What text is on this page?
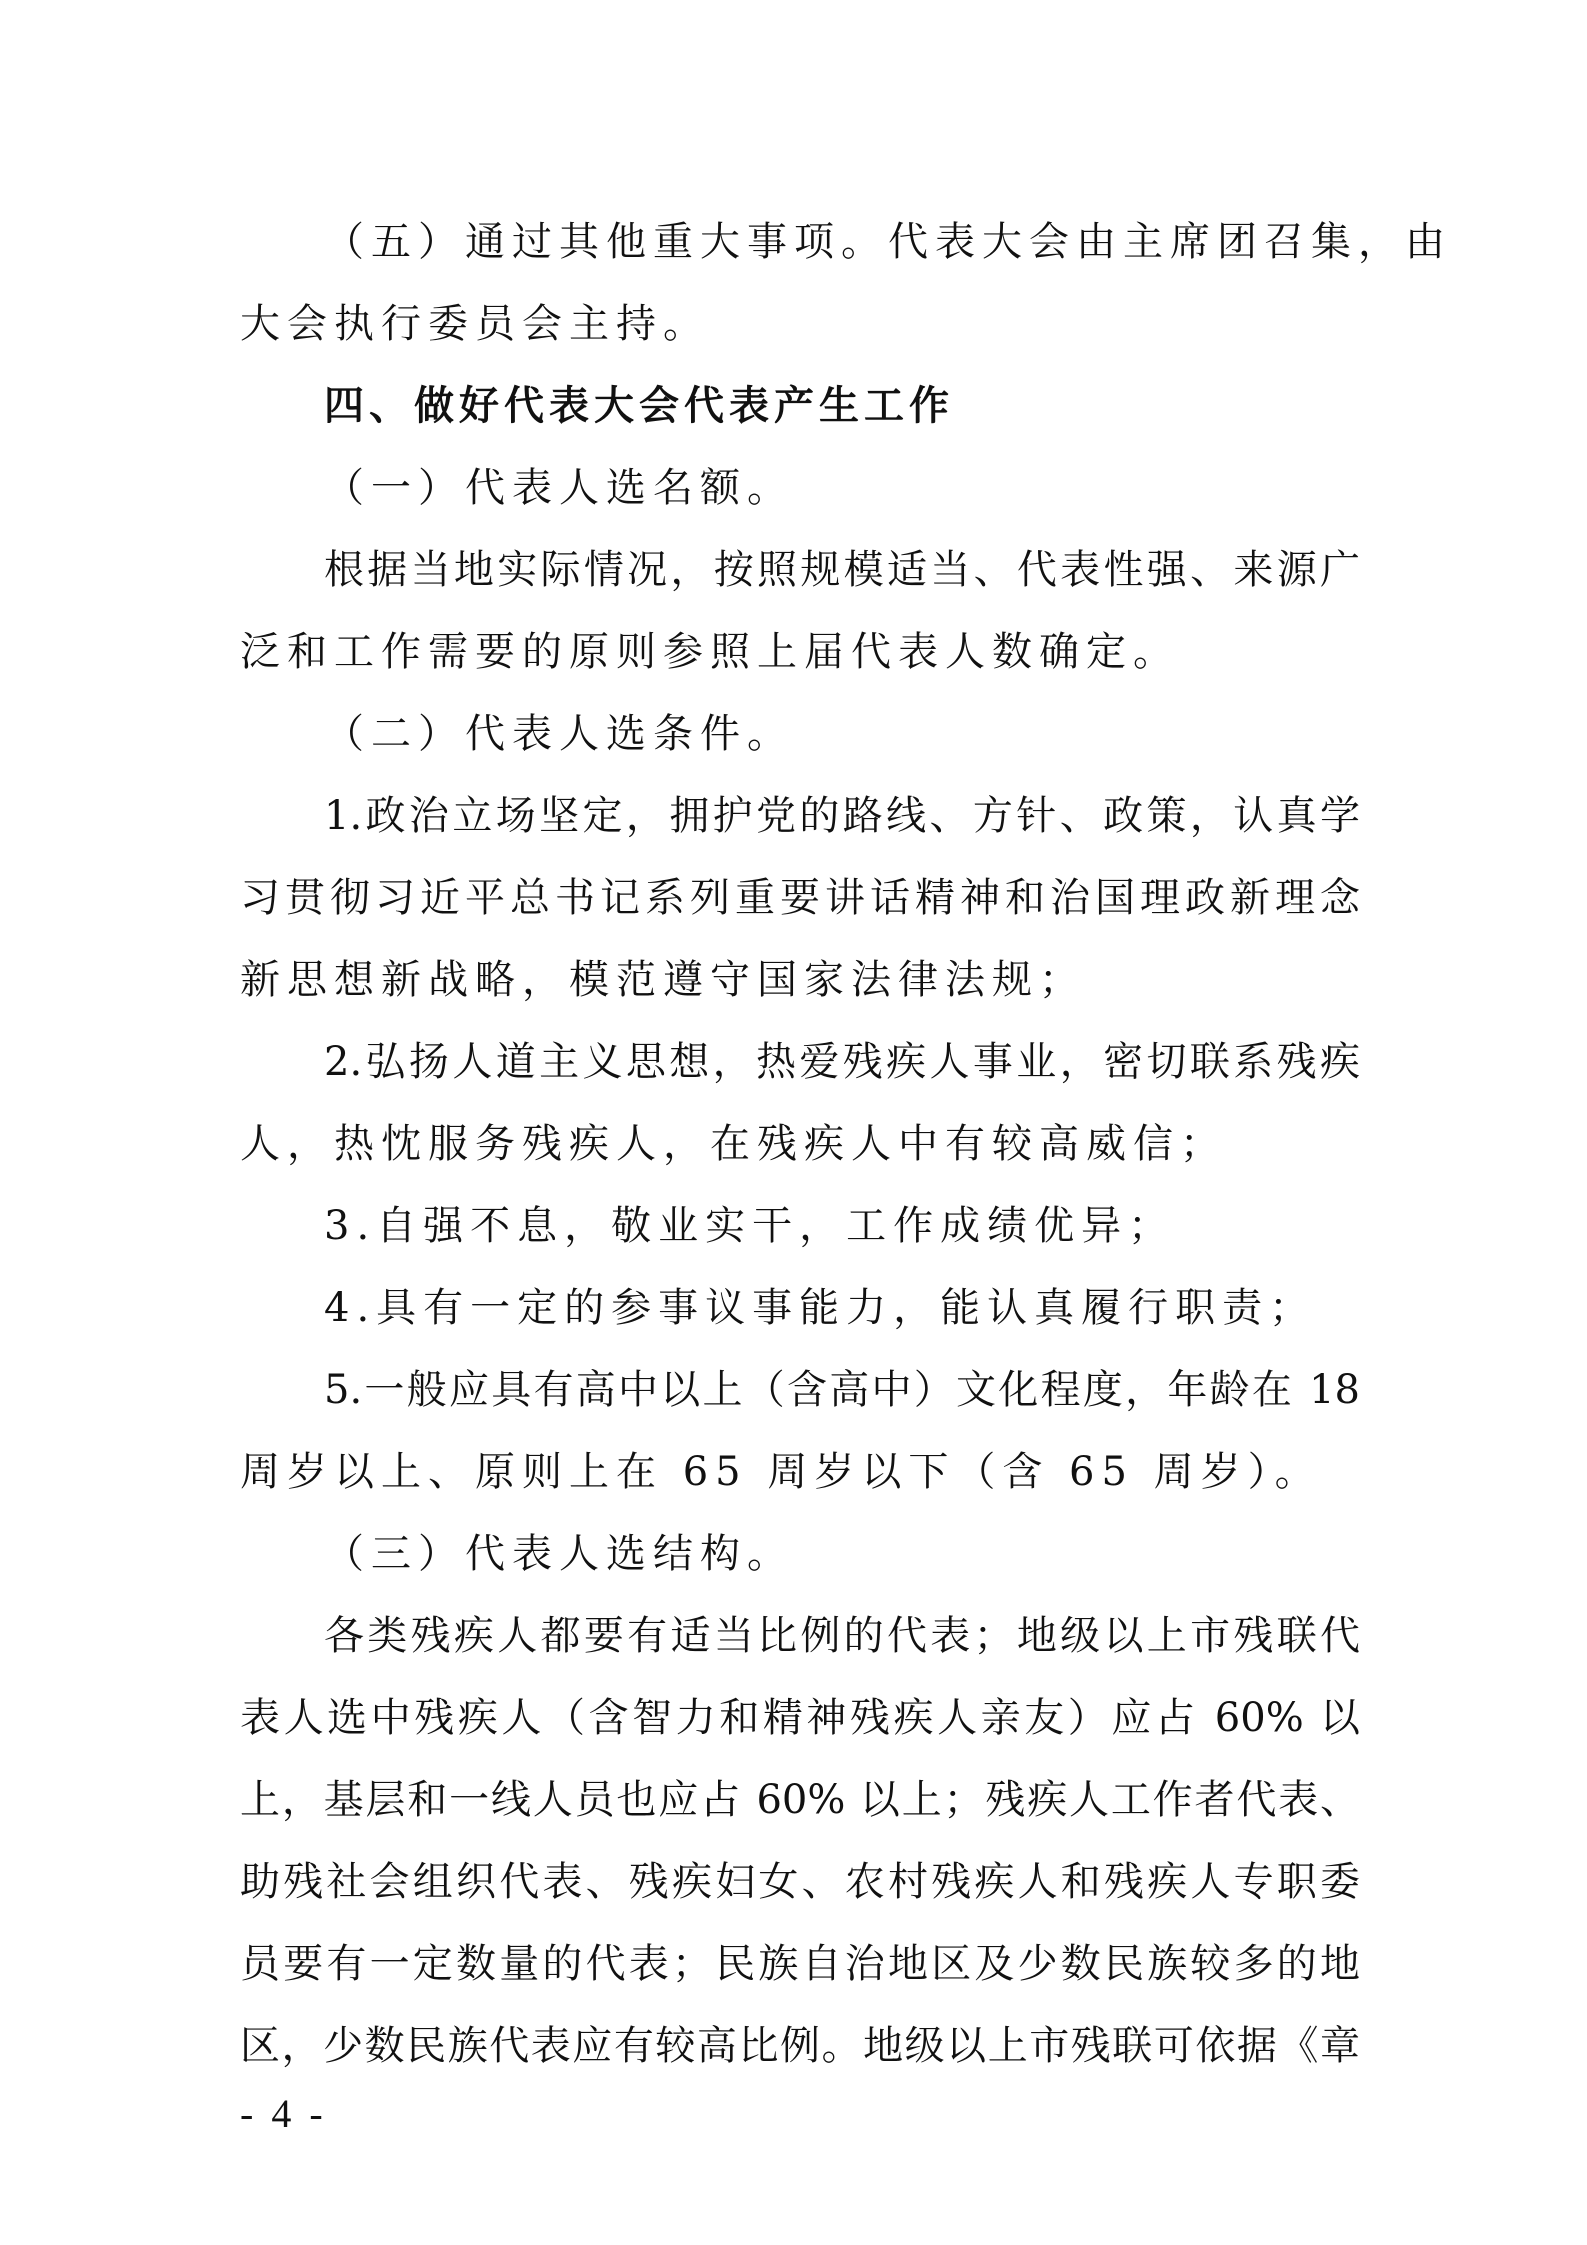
（五）通过其他重大事项。代表大会由主席团召集，由
大会执行委员会主持。
四、做好代表大会代表产生工作
（一）代表人选名额。
根据当地实际情况，按照规模适当、代表性强、来源广
泛和工作需要的原则参照上届代表人数确定。
（二）代表人选条件。
1.政治立场坚定，拥护党的路线、方针、政策，认真学
习贯彻习近平总书记系列重要讲话精神和治国理政新理念
新思想新战略，模范遵守国家法律法规；
2.弘扬人道主义思想，热爱残疾人事业，密切联系残疾
人，热忱服务残疾人，在残疾人中有较高威信；
3.自强不息，敬业实干，工作成绩优异；
4.具有一定的参事议事能力，能认真履行职责；
5.一般应具有高中以上（含高中）文化程度，年龄在 18
周岁以上、原则上在 65 周岁以下（含 65 周岁）。
（三）代表人选结构。
各类残疾人都要有适当比例的代表；地级以上市残联代
表人选中残疾人（含智力和精神残疾人亲友）应占 60% 以
上，基层和一线人员也应占 60% 以上；残疾人工作者代表、
助残社会组织代表、残疾妇女、农村残疾人和残疾人专职委
员要有一定数量的代表；民族自治地区及少数民族较多的地
区，少数民族代表应有较高比例。地级以上市残联可依据《章
- 4 -
